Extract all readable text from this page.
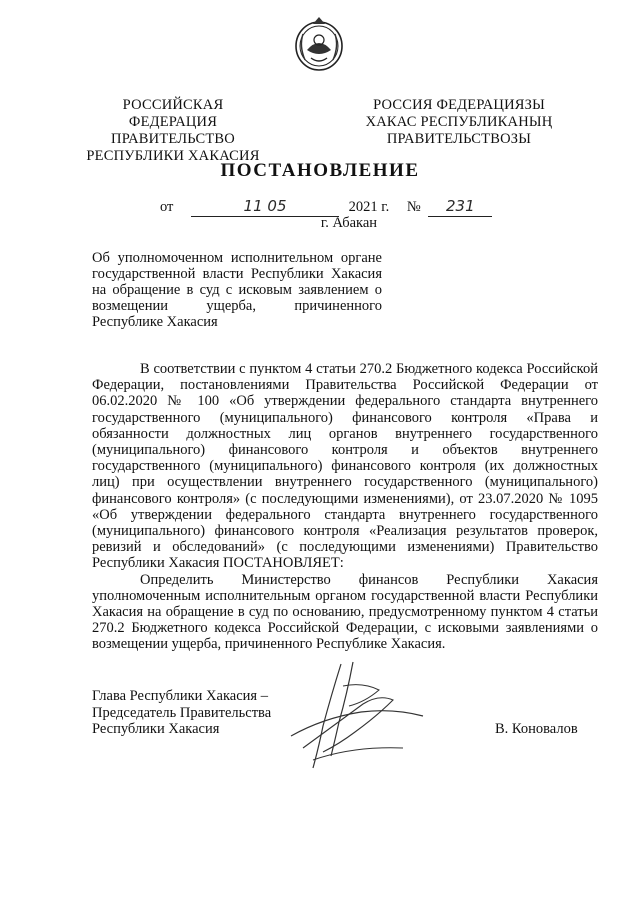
РОССИЙСКАЯ ФЕДЕРАЦИЯ
ПРАВИТЕЛЬСТВО
РЕСПУБЛИКИ ХАКАСИЯ
РОССИЯ ФЕДЕРАЦИЯЗЫ
ХАКАС РЕСПУБЛИКАНЫҢ
ПРАВИТЕЛЬСТВОЗЫ
ПОСТАНОВЛЕНИЕ
от	11 05	2021 г. № 231
г. Абакан
Об уполномоченном исполнительном органе государственной власти Республики Хакасия на обращение в суд с исковым заявлением о возмещении ущерба, причиненного Республике Хакасия

В соответствии с пунктом 4 статьи 270.2 Бюджетного кодекса Российской Федерации, постановлениями Правительства Российской Федерации от 06.02.2020 № 100 «Об утверждении федерального стандарта внутреннего государственного (муниципального) финансового контроля «Права и обязанности должностных лиц органов внутреннего государственного (муниципального) финансового контроля и объектов внутреннего государственного (муниципального) финансового контроля (их должностных лиц) при осуществлении внутреннего государственного (муниципального) финансового контроля» (с последующими изменениями), от 23.07.2020 № 1095 «Об утверждении федерального стандарта внутреннего государственного (муниципального) финансового контроля «Реализация результатов проверок, ревизий и обследований» (с последующими изменениями) Правительство Республики Хакасия ПОСТАНОВЛЯЕТ:

Определить Министерство финансов Республики Хакасия уполномоченным исполнительным органом государственной власти Республики Хакасия на обращение в суд по основанию, предусмотренному пунктом 4 статьи 270.2 Бюджетного кодекса Российской Федерации, с исковыми заявлениями о возмещении ущерба, причиненного Республике Хакасия.

Глава Республики Хакасия –
Председатель Правительства
Республики Хакасия	В. Коновалов
